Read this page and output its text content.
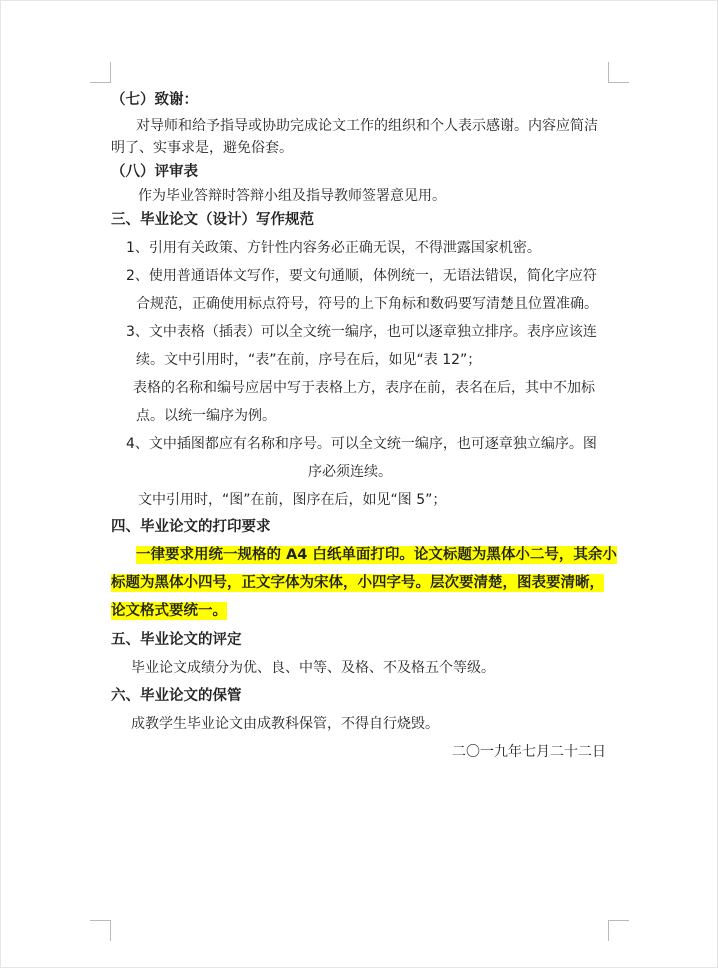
（七）致谢：
对导师和给予指导或协助完成论文工作的组织和个人表示感谢。内容应简洁
明了、实事求是，避免俗套。
（八）评审表
作为毕业答辩时答辩小组及指导教师签署意见用。
三、毕业论文（设计）写作规范
1、引用有关政策、方针性内容务必正确无误，不得泄露国家机密。
2、使用普通语体文写作，要文句通顺，体例统一，无语法错误，简化字应符
合规范，正确使用标点符号，符号的上下角标和数码要写清楚且位置准确。
3、文中表格（插表）可以全文统一编序，也可以逐章独立排序。表序应该连
续。文中引用时，“表”在前，序号在后，如见“表 12”；
表格的名称和编号应居中写于表格上方，表序在前，表名在后，其中不加标
点。以统一编序为例。
4、文中插图都应有名称和序号。可以全文统一编序，也可逐章独立编序。图
序必须连续。
文中引用时，“图”在前，图序在后，如见“图 5”；
四、毕业论文的打印要求
一律要求用统一规格的 A4 白纸单面打印。论文标题为黑体小二号，其余小
标题为黑体小四号，正文字体为宋体，小四字号。层次要清楚，图表要清晰，
论文格式要统一。
五、毕业论文的评定
毕业论文成绩分为优、良、中等、及格、不及格五个等级。
六、毕业论文的保管
成教学生毕业论文由成教科保管，不得自行烧毁。
二〇一九年七月二十二日
